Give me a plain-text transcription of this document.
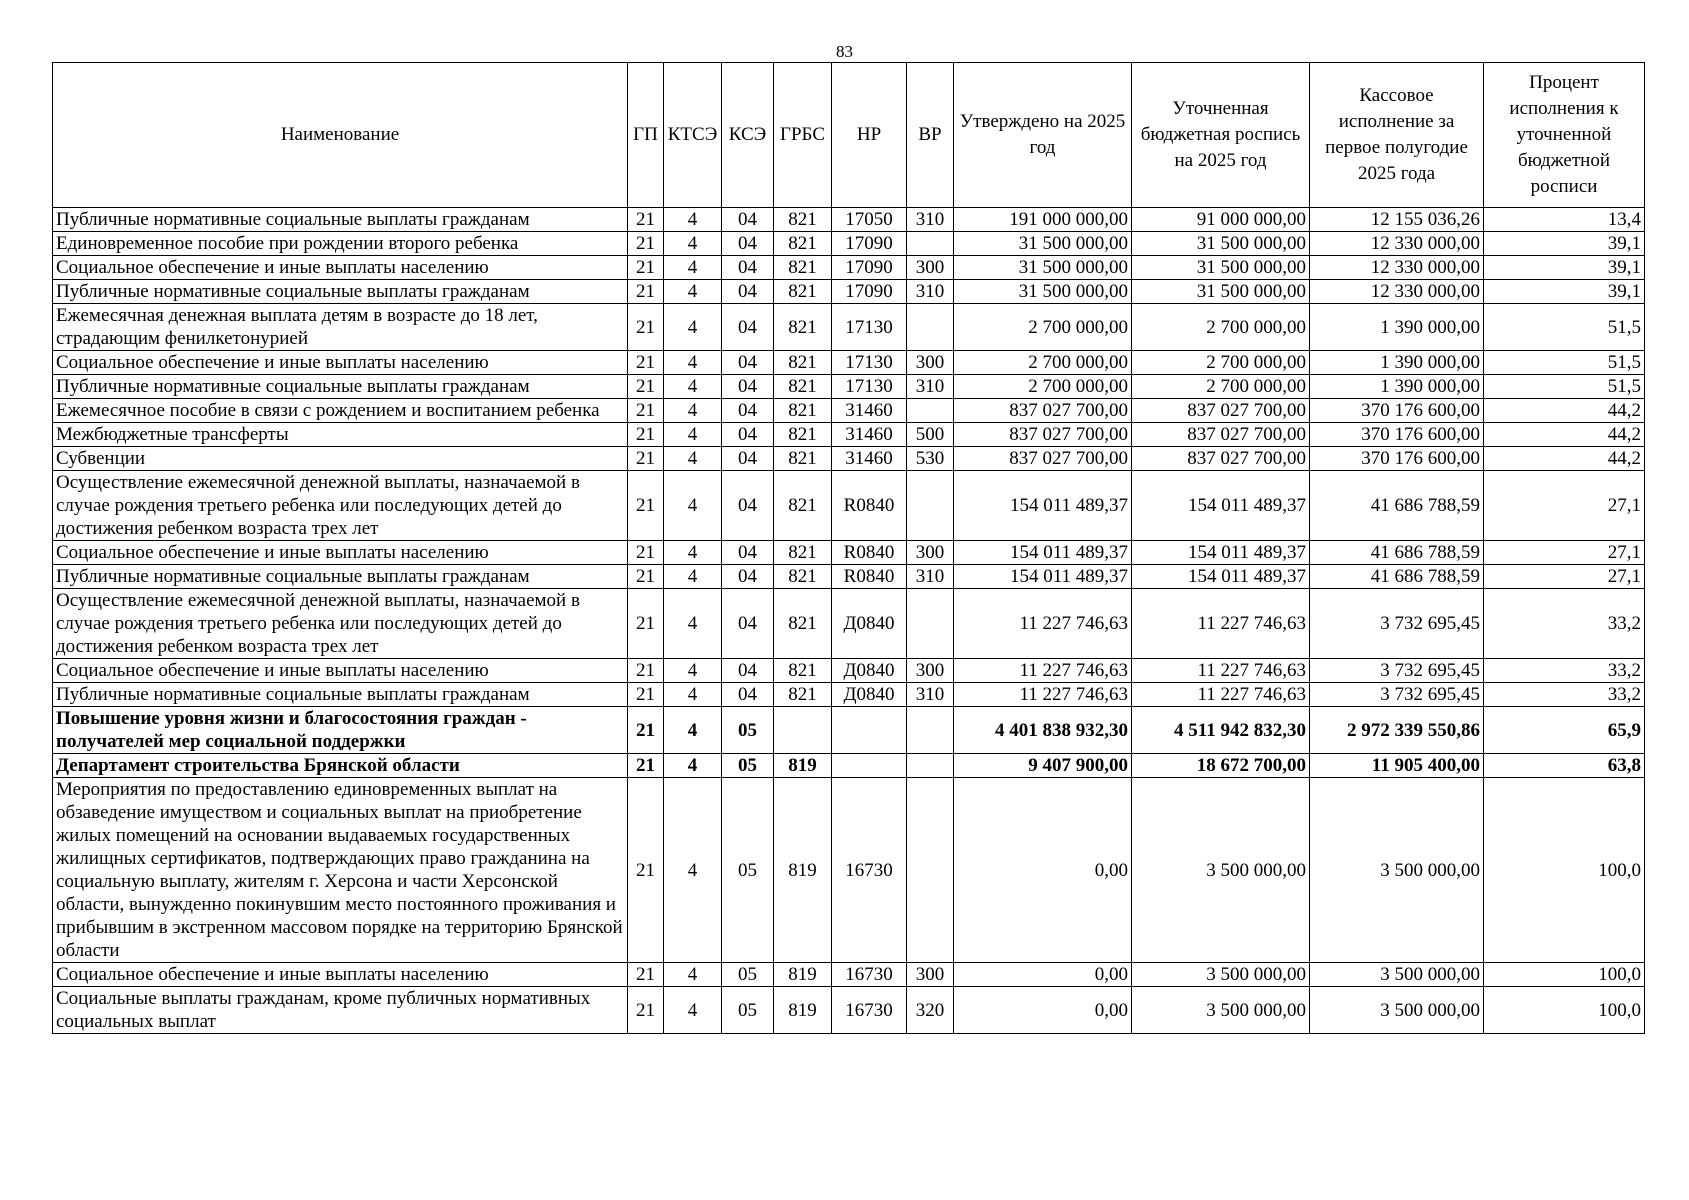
83
Наименование	ГП	КТСЭ	КСЭ	ГРБС	НР	ВР	Утверждено на 2025 год	Уточненная бюджетная роспись на 2025 год	Кассовое исполнение за первое полугодие 2025 года	Процент исполнения к уточненной бюджетной росписи
Публичные нормативные социальные выплаты гражданам	21	4	04	821	17050	310	191 000 000,00	91 000 000,00	12 155 036,26	13,4
Единовременное пособие при рождении второго ребенка	21	4	04	821	17090		31 500 000,00	31 500 000,00	12 330 000,00	39,1
Социальное обеспечение и иные выплаты населению	21	4	04	821	17090	300	31 500 000,00	31 500 000,00	12 330 000,00	39,1
Публичные нормативные социальные выплаты гражданам	21	4	04	821	17090	310	31 500 000,00	31 500 000,00	12 330 000,00	39,1
Ежемесячная денежная выплата детям в возрасте до 18 лет, страдающим фенилкетонурией	21	4	04	821	17130		2 700 000,00	2 700 000,00	1 390 000,00	51,5
Социальное обеспечение и иные выплаты населению	21	4	04	821	17130	300	2 700 000,00	2 700 000,00	1 390 000,00	51,5
Публичные нормативные социальные выплаты гражданам	21	4	04	821	17130	310	2 700 000,00	2 700 000,00	1 390 000,00	51,5
Ежемесячное пособие в связи с рождением и воспитанием ребенка	21	4	04	821	31460		837 027 700,00	837 027 700,00	370 176 600,00	44,2
Межбюджетные трансферты	21	4	04	821	31460	500	837 027 700,00	837 027 700,00	370 176 600,00	44,2
Субвенции	21	4	04	821	31460	530	837 027 700,00	837 027 700,00	370 176 600,00	44,2
Осуществление ежемесячной денежной выплаты, назначаемой в случае рождения третьего ребенка или последующих детей до достижения ребенком возраста трех лет	21	4	04	821	R0840		154 011 489,37	154 011 489,37	41 686 788,59	27,1
Социальное обеспечение и иные выплаты населению	21	4	04	821	R0840	300	154 011 489,37	154 011 489,37	41 686 788,59	27,1
Публичные нормативные социальные выплаты гражданам	21	4	04	821	R0840	310	154 011 489,37	154 011 489,37	41 686 788,59	27,1
Осуществление ежемесячной денежной выплаты, назначаемой в случае рождения третьего ребенка или последующих детей до достижения ребенком возраста трех лет	21	4	04	821	Д0840		11 227 746,63	11 227 746,63	3 732 695,45	33,2
Социальное обеспечение и иные выплаты населению	21	4	04	821	Д0840	300	11 227 746,63	11 227 746,63	3 732 695,45	33,2
Публичные нормативные социальные выплаты гражданам	21	4	04	821	Д0840	310	11 227 746,63	11 227 746,63	3 732 695,45	33,2
Повышение уровня жизни и благосостояния граждан - получателей мер социальной поддержки	21	4	05				4 401 838 932,30	4 511 942 832,30	2 972 339 550,86	65,9
Департамент строительства Брянской области	21	4	05	819			9 407 900,00	18 672 700,00	11 905 400,00	63,8
Мероприятия по предоставлению единовременных выплат на обзаведение имуществом и социальных выплат на приобретение жилых помещений на основании выдаваемых государственных жилищных сертификатов, подтверждающих право гражданина на социальную выплату, жителям г. Херсона и части Херсонской области, вынужденно покинувшим место постоянного проживания и прибывшим в экстренном массовом порядке на территорию Брянской области	21	4	05	819	16730		0,00	3 500 000,00	3 500 000,00	100,0
Социальное обеспечение и иные выплаты населению	21	4	05	819	16730	300	0,00	3 500 000,00	3 500 000,00	100,0
Социальные выплаты гражданам, кроме публичных нормативных социальных выплат	21	4	05	819	16730	320	0,00	3 500 000,00	3 500 000,00	100,0
